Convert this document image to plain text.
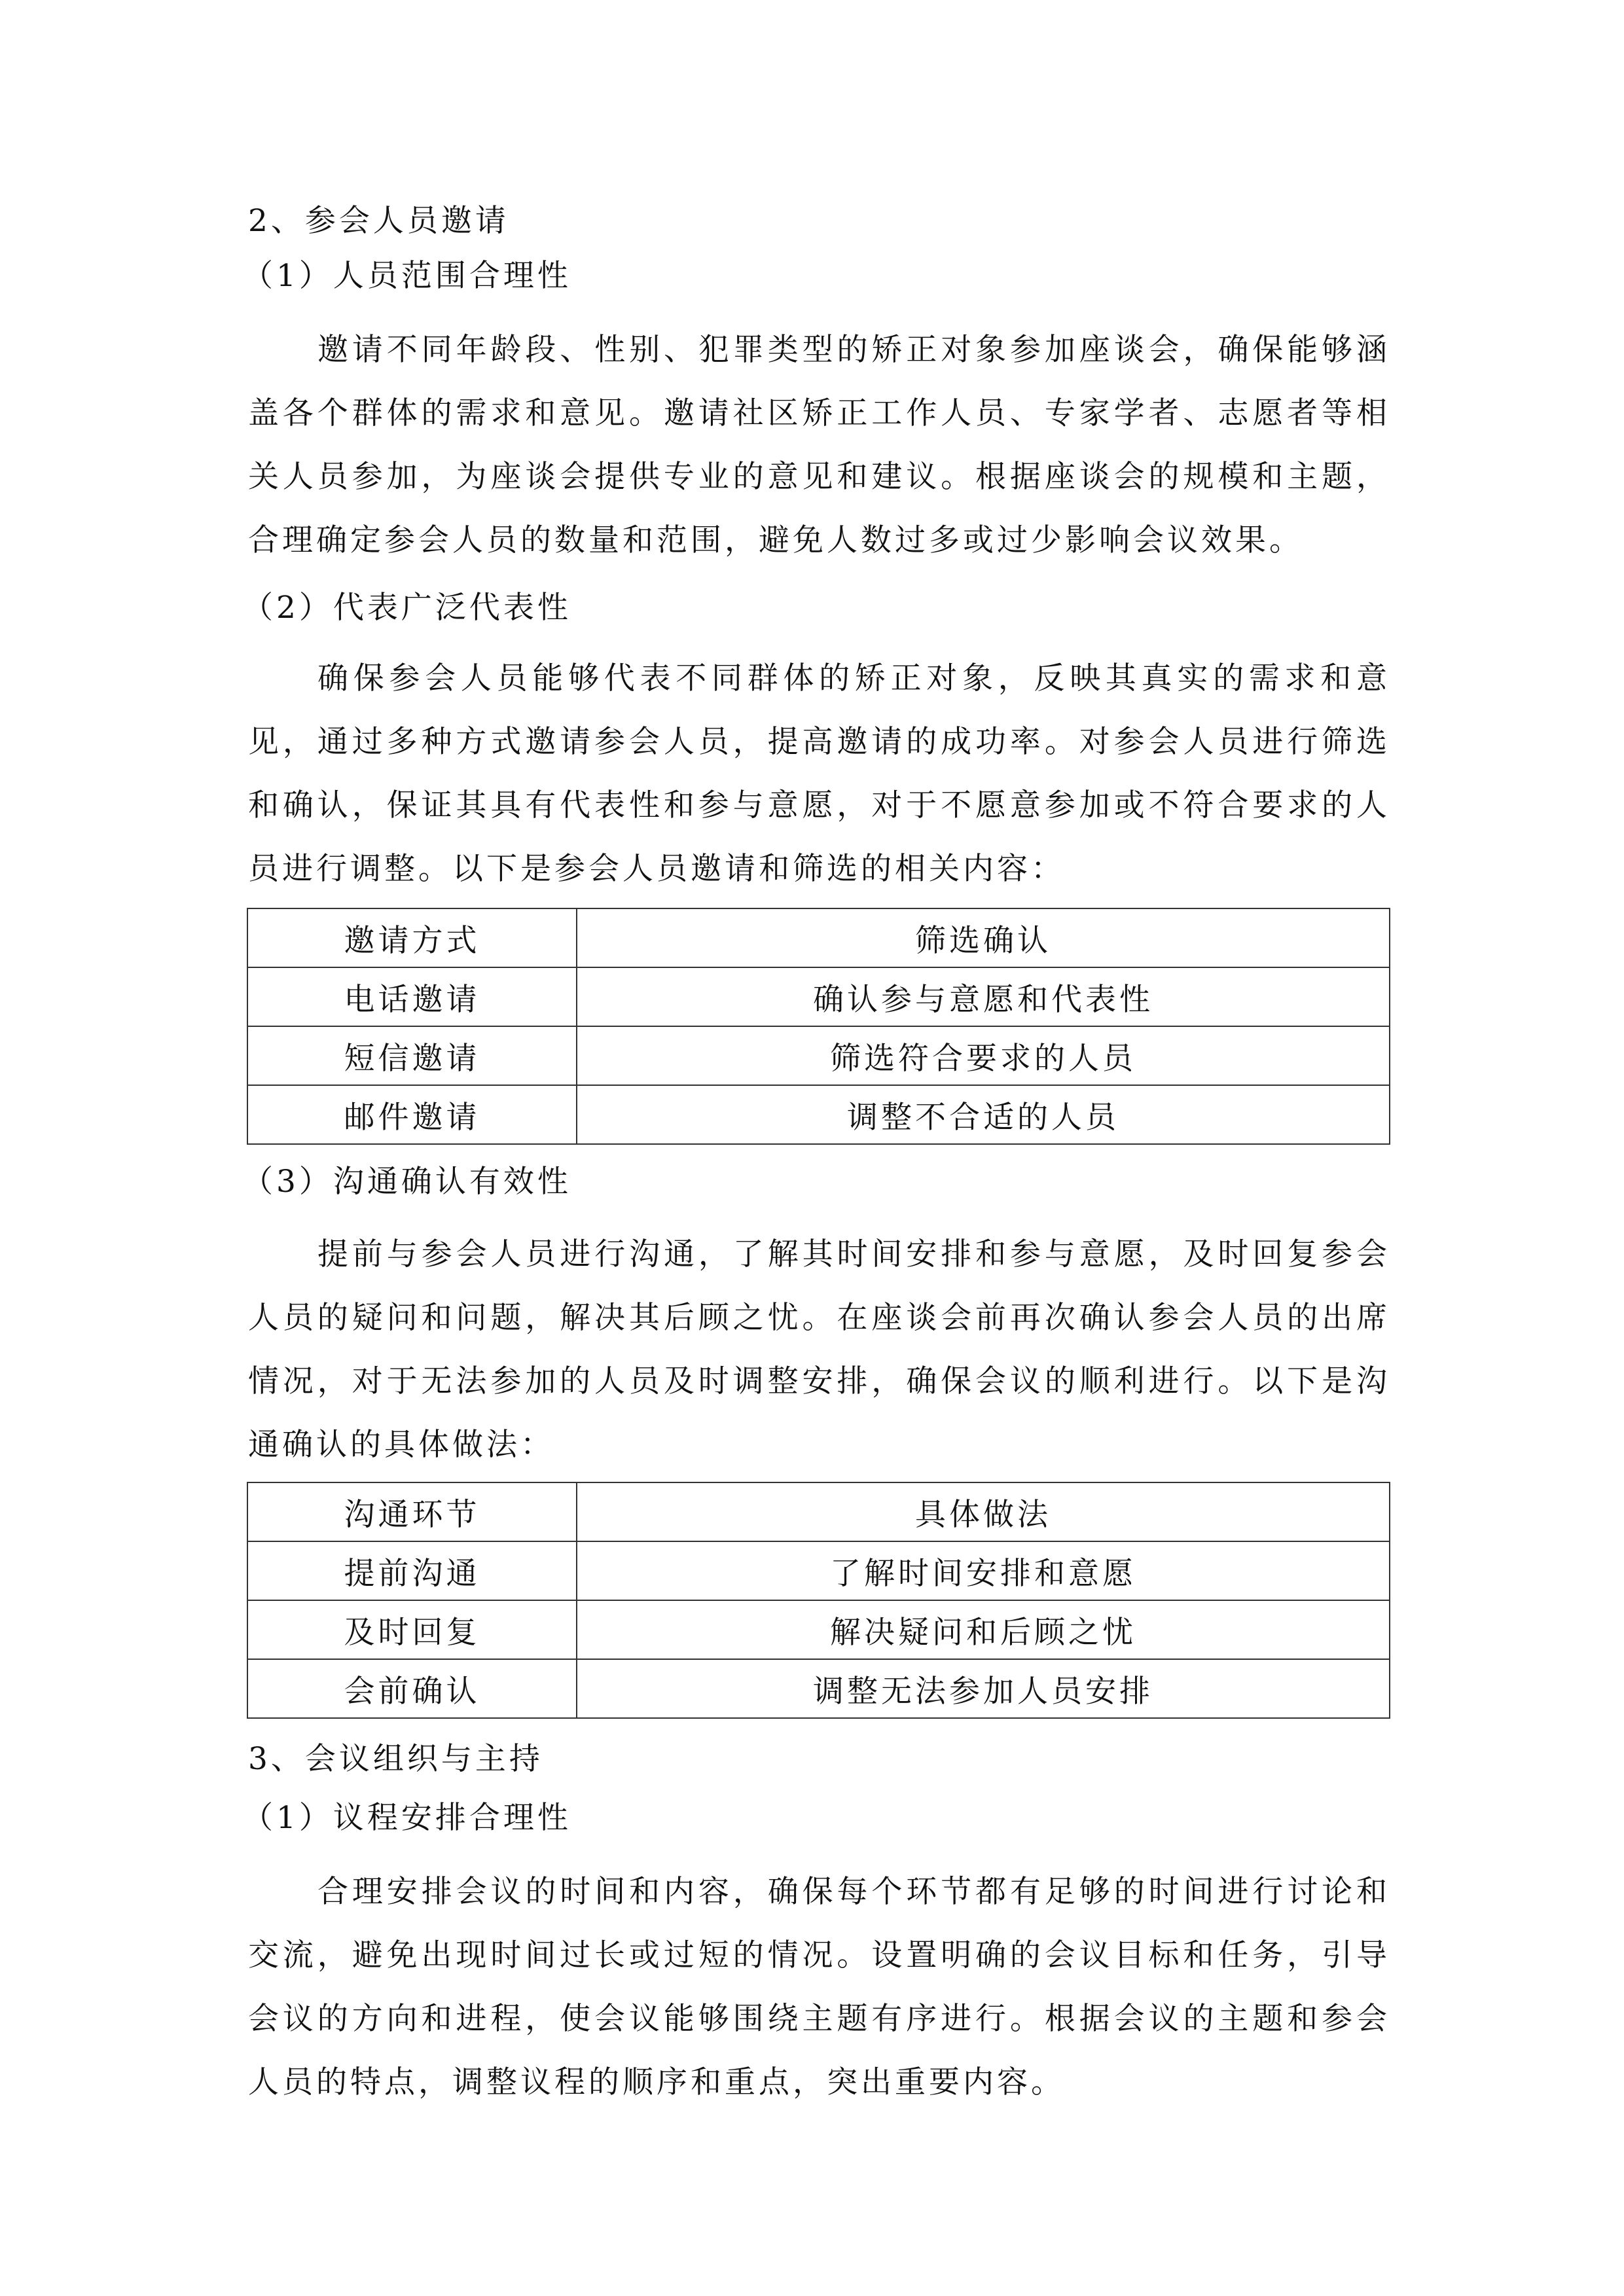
2、参会人员邀请
（1）人员范围合理性
邀请不同年龄段、性别、犯罪类型的矫正对象参加座谈会，确保能够涵盖各个群体的需求和意见。邀请社区矫正工作人员、专家学者、志愿者等相关人员参加，为座谈会提供专业的意见和建议。根据座谈会的规模和主题，合理确定参会人员的数量和范围，避免人数过多或过少影响会议效果。
（2）代表广泛代表性
确保参会人员能够代表不同群体的矫正对象，反映其真实的需求和意见，通过多种方式邀请参会人员，提高邀请的成功率。对参会人员进行筛选和确认，保证其具有代表性和参与意愿，对于不愿意参加或不符合要求的人员进行调整。以下是参会人员邀请和筛选的相关内容：
邀请方式	筛选确认
电话邀请	确认参与意愿和代表性
短信邀请	筛选符合要求的人员
邮件邀请	调整不合适的人员
（3）沟通确认有效性
提前与参会人员进行沟通，了解其时间安排和参与意愿，及时回复参会人员的疑问和问题，解决其后顾之忧。在座谈会前再次确认参会人员的出席情况，对于无法参加的人员及时调整安排，确保会议的顺利进行。以下是沟通确认的具体做法：
沟通环节	具体做法
提前沟通	了解时间安排和意愿
及时回复	解决疑问和后顾之忧
会前确认	调整无法参加人员安排
3、会议组织与主持
（1）议程安排合理性
合理安排会议的时间和内容，确保每个环节都有足够的时间进行讨论和交流，避免出现时间过长或过短的情况。设置明确的会议目标和任务，引导会议的方向和进程，使会议能够围绕主题有序进行。根据会议的主题和参会人员的特点，调整议程的顺序和重点，突出重要内容。
